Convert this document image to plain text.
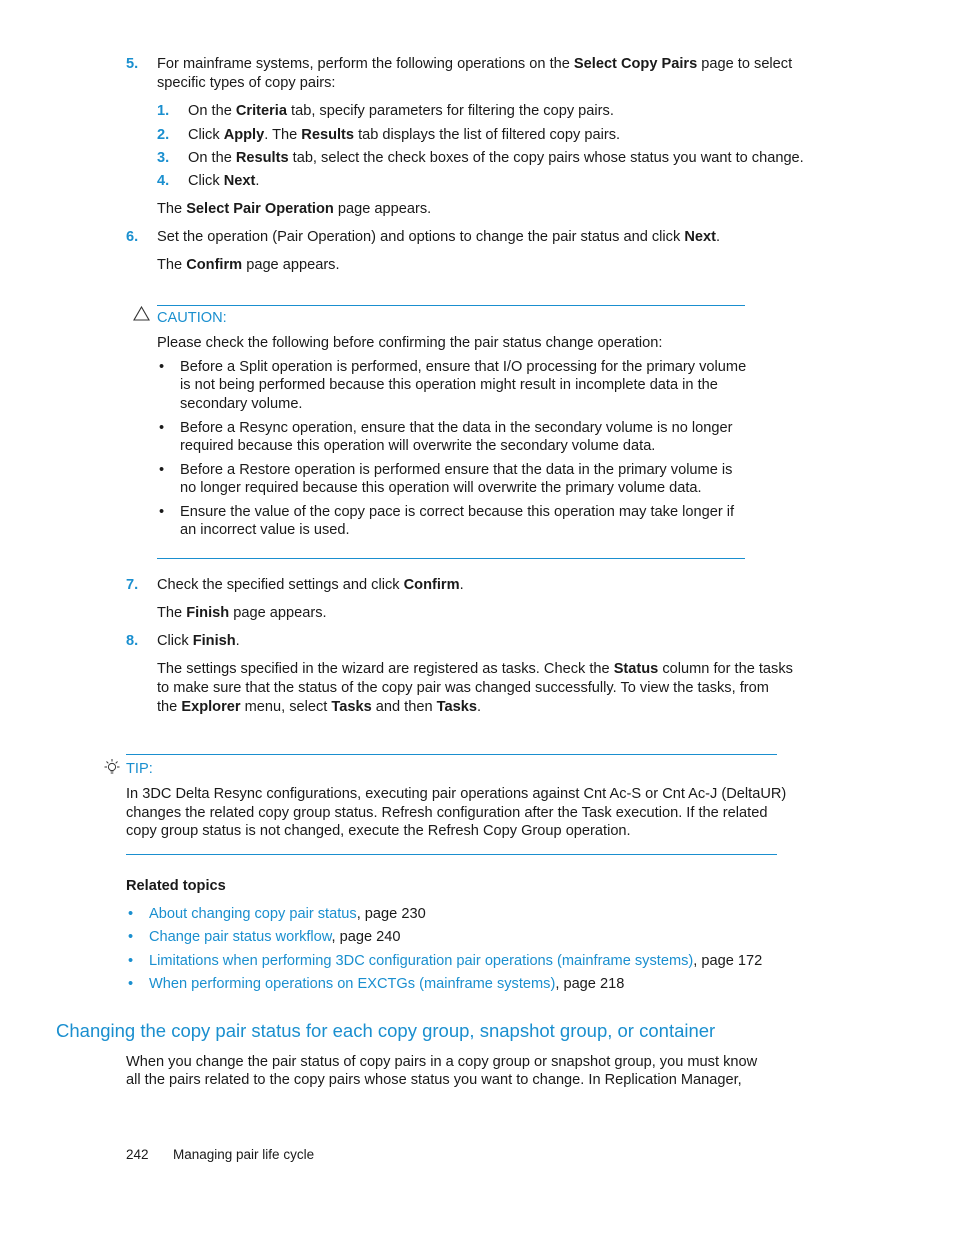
5. For mainframe systems, perform the following operations on the Select Copy Pairs page to select
specific types of copy pairs:
1. On the Criteria tab, specify parameters for filtering the copy pairs.
2. Click Apply. The Results tab displays the list of filtered copy pairs.
3. On the Results tab, select the check boxes of the copy pairs whose status you want to change.
4. Click Next.
The Select Pair Operation page appears.
6. Set the operation (Pair Operation) and options to change the pair status and click Next.
The Confirm page appears.
CAUTION:
Please check the following before confirming the pair status change operation:
• Before a Split operation is performed, ensure that I/O processing for the primary volume
is not being performed because this operation might result in incomplete data in the
secondary volume.
• Before a Resync operation, ensure that the data in the secondary volume is no longer
required because this operation will overwrite the secondary volume data.
• Before a Restore operation is performed ensure that the data in the primary volume is
no longer required because this operation will overwrite the primary volume data.
• Ensure the value of the copy pace is correct because this operation may take longer if
an incorrect value is used.
7. Check the specified settings and click Confirm.
The Finish page appears.
8. Click Finish.
The settings specified in the wizard are registered as tasks. Check the Status column for the tasks
to make sure that the status of the copy pair was changed successfully. To view the tasks, from
the Explorer menu, select Tasks and then Tasks.
TIP:
In 3DC Delta Resync configurations, executing pair operations against Cnt Ac-S or Cnt Ac-J (DeltaUR)
changes the related copy group status. Refresh configuration after the Task execution. If the related
copy group status is not changed, execute the Refresh Copy Group operation.
Related topics
• About changing copy pair status, page 230
• Change pair status workflow, page 240
• Limitations when performing 3DC configuration pair operations (mainframe systems), page 172
• When performing operations on EXCTGs (mainframe systems), page 218
Changing the copy pair status for each copy group, snapshot group, or container
When you change the pair status of copy pairs in a copy group or snapshot group, you must know
all the pairs related to the copy pairs whose status you want to change. In Replication Manager,
242 Managing pair life cycle
